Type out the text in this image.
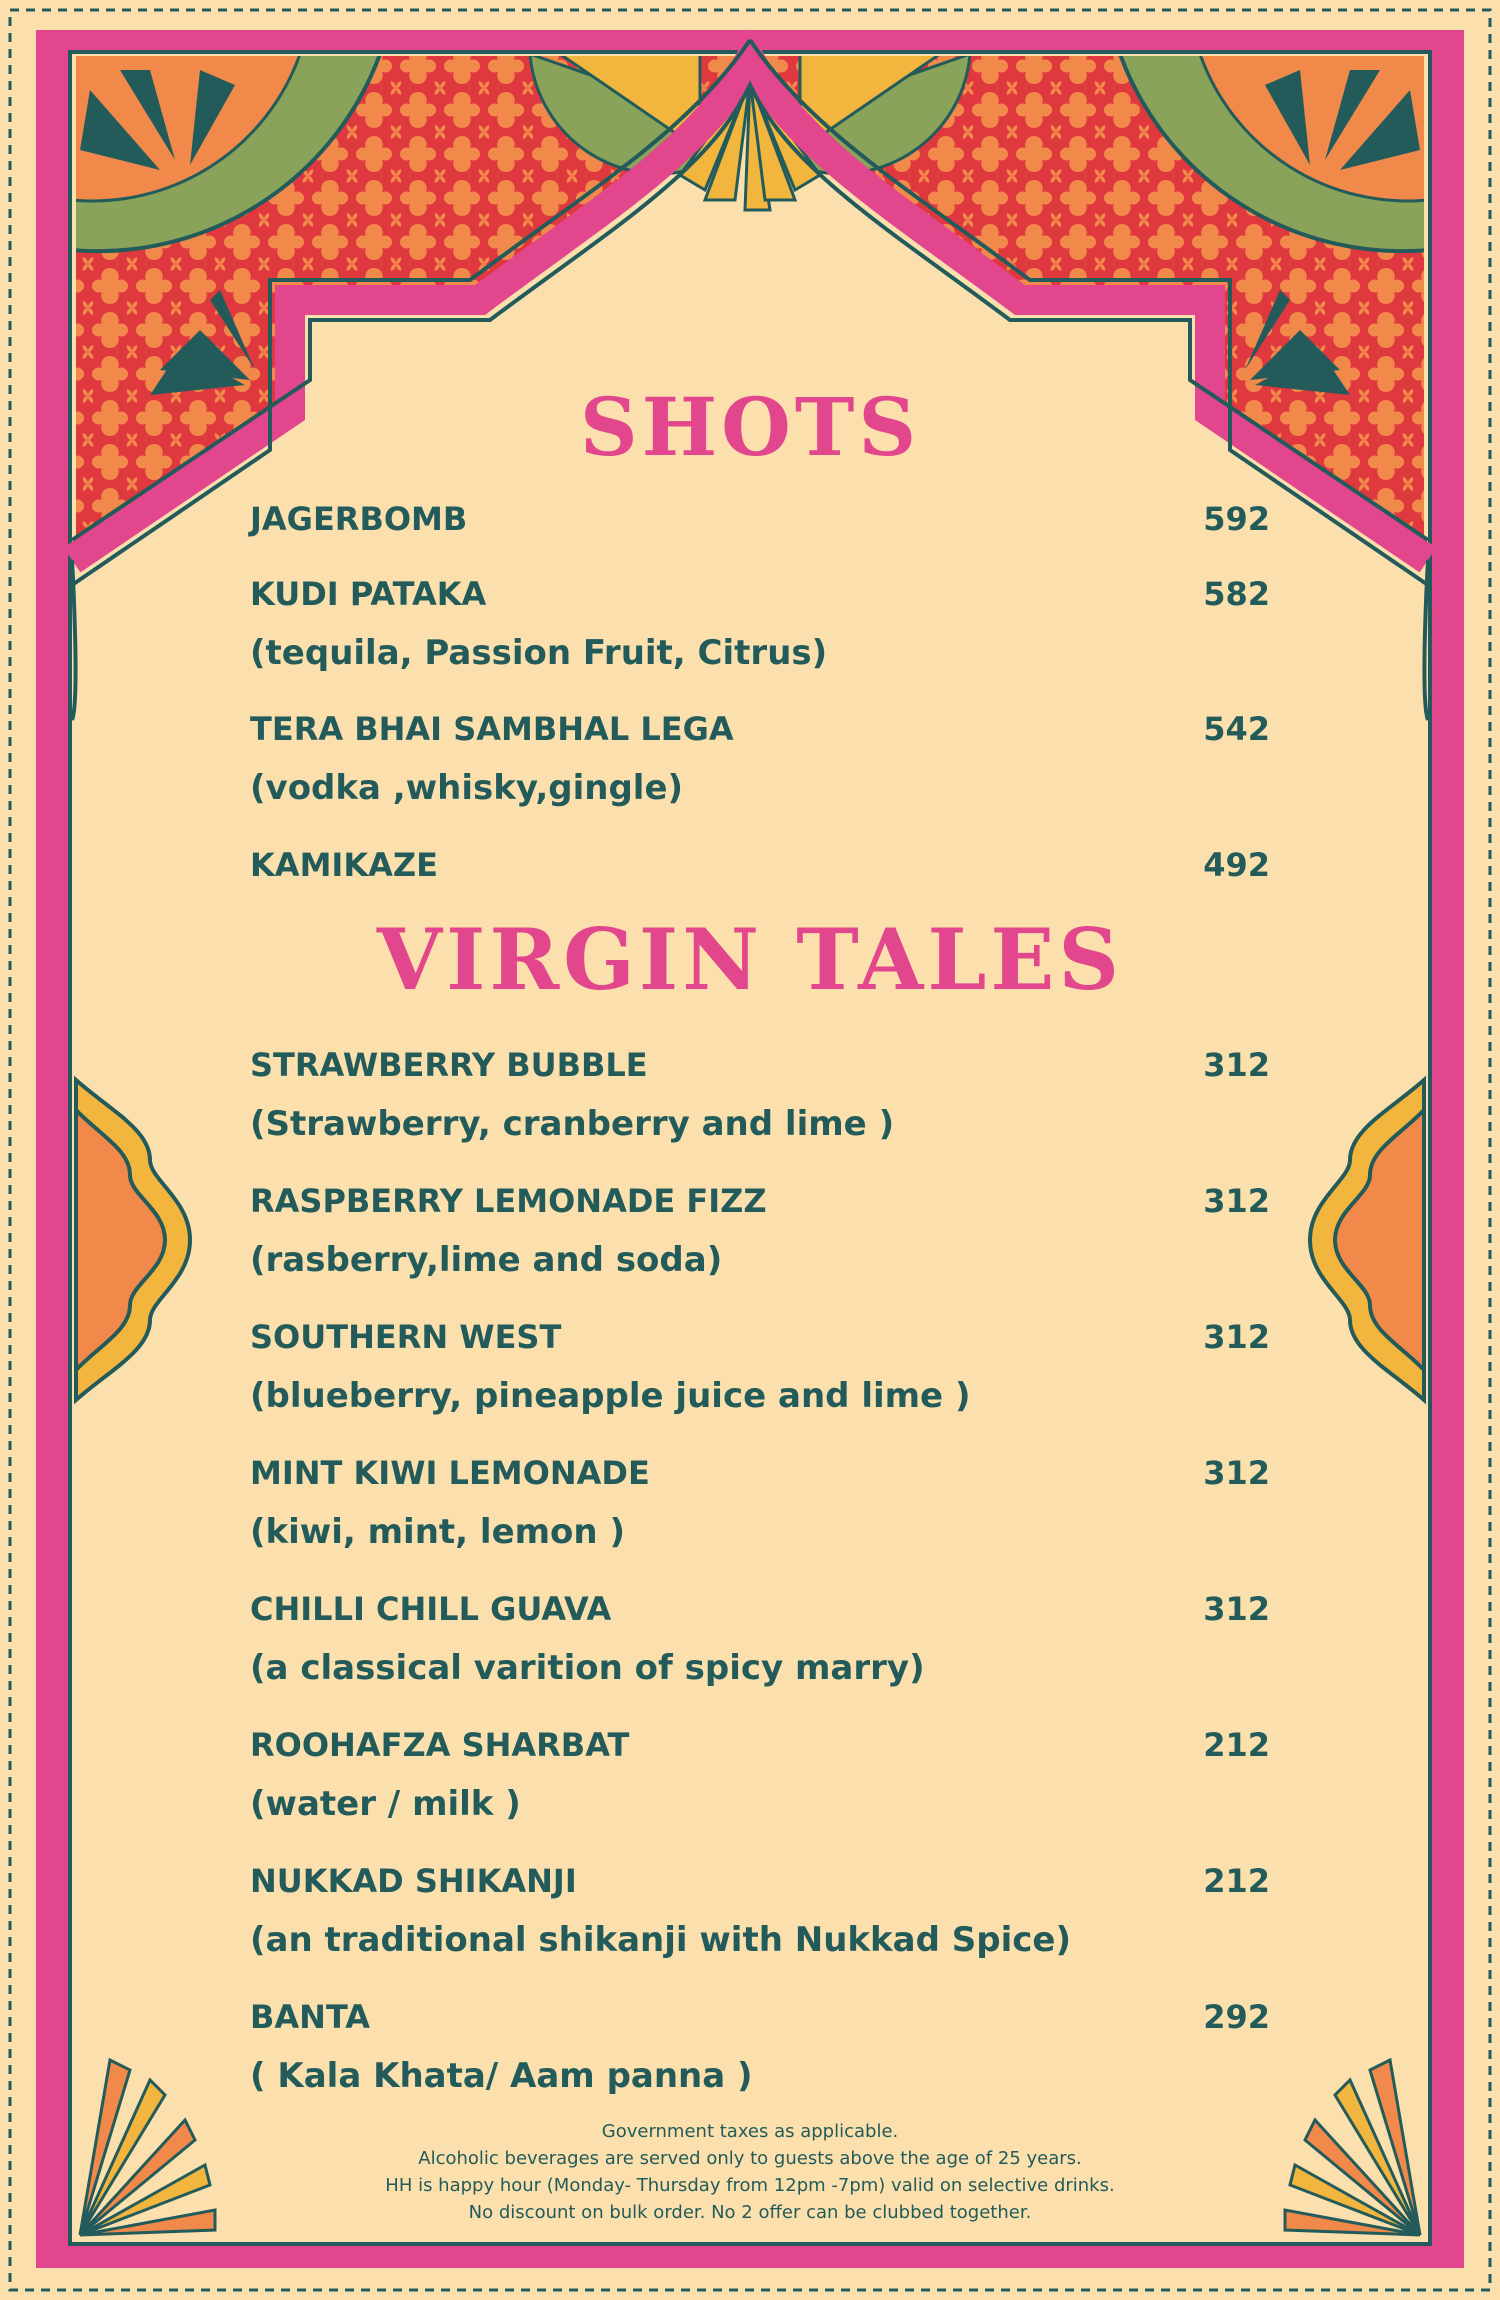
SHOTS
VIRGIN TALES
JAGERBOMB	592
KUDI PATAKA	582
(tequila, Passion Fruit, Citrus)
TERA BHAI SAMBHAL LEGA	542
(vodka ,whisky,gingle)
KAMIKAZE	492
STRAWBERRY BUBBLE	312
(Strawberry, cranberry and lime )
RASPBERRY LEMONADE FIZZ	312
(rasberry,lime and soda)
SOUTHERN WEST	312
(blueberry, pineapple juice and lime )
MINT KIWI LEMONADE	312
(kiwi, mint, lemon )
CHILLI CHILL GUAVA	312
(a classical varition of spicy marry)
ROOHAFZA SHARBAT	212
(water / milk )
NUKKAD SHIKANJI	212
(an traditional shikanji with Nukkad Spice)
BANTA	292
( Kala Khata/ Aam panna )
Government taxes as applicable.
Alcoholic beverages are served only to guests above the age of 25 years.
HH is happy hour (Monday- Thursday from 12pm -7pm) valid on selective drinks.
No discount on bulk order. No 2 offer can be clubbed together.
